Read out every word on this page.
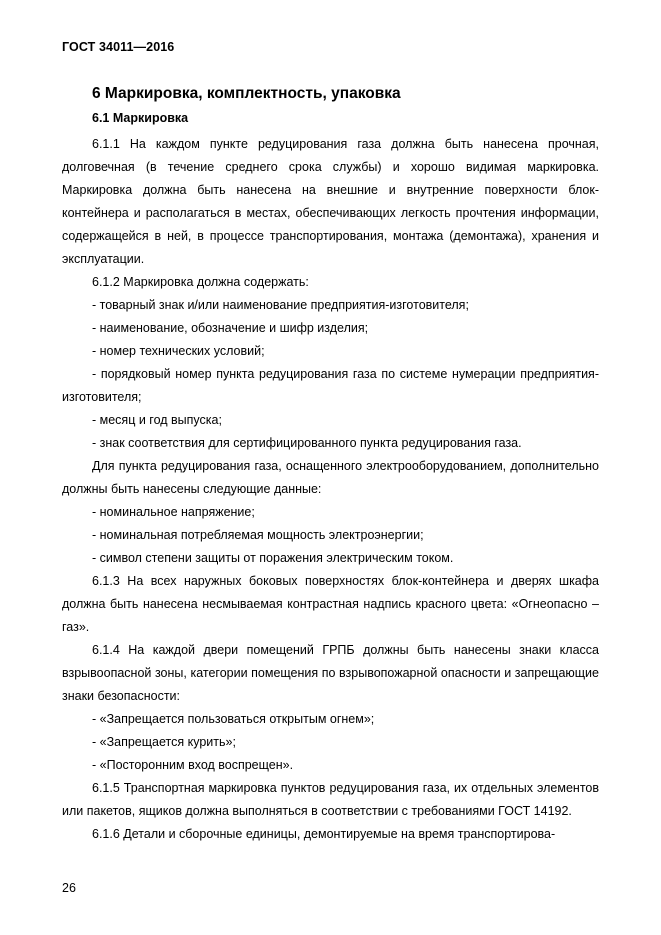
ГОСТ 34011—2016
6 Маркировка, комплектность, упаковка
6.1 Маркировка

6.1.1 На каждом пункте редуцирования газа должна быть нанесена прочная, долговечная (в течение среднего срока службы) и хорошо видимая маркировка. Маркировка должна быть нанесена на внешние и внутренние поверхности блок-контейнера и располагаться в местах, обеспечивающих легкость прочтения информации, содержащейся в ней, в процессе транспортирования, монтажа (демонтажа), хранения и эксплуатации.

6.1.2 Маркировка должна содержать:

- товарный знак и/или наименование предприятия-изготовителя;

- наименование, обозначение и шифр изделия;

- номер технических условий;

- порядковый номер пункта редуцирования газа по системе нумерации предприятия-изготовителя;

- месяц и год выпуска;

- знак соответствия для сертифицированного пункта редуцирования газа.

Для пункта редуцирования газа, оснащенного электрооборудованием, дополнительно должны быть нанесены следующие данные:

- номинальное напряжение;

- номинальная потребляемая мощность электроэнергии;

- символ степени защиты от поражения электрическим током.

6.1.3 На всех наружных боковых поверхностях блок-контейнера и дверях шкафа должна быть нанесена несмываемая контрастная надпись красного цвета: «Огнеопасно – газ».

6.1.4 На каждой двери помещений ГРПБ должны быть нанесены знаки класса взрывоопасной зоны, категории помещения по взрывопожарной опасности и запрещающие знаки безопасности:

- «Запрещается пользоваться открытым огнем»;

- «Запрещается курить»;

- «Посторонним вход воспрещен».

6.1.5 Транспортная маркировка пунктов редуцирования газа, их отдельных элементов или пакетов, ящиков должна выполняться в соответствии с требованиями ГОСТ 14192.

6.1.6 Детали и сборочные единицы, демонтируемые на время транспортирова-

26
